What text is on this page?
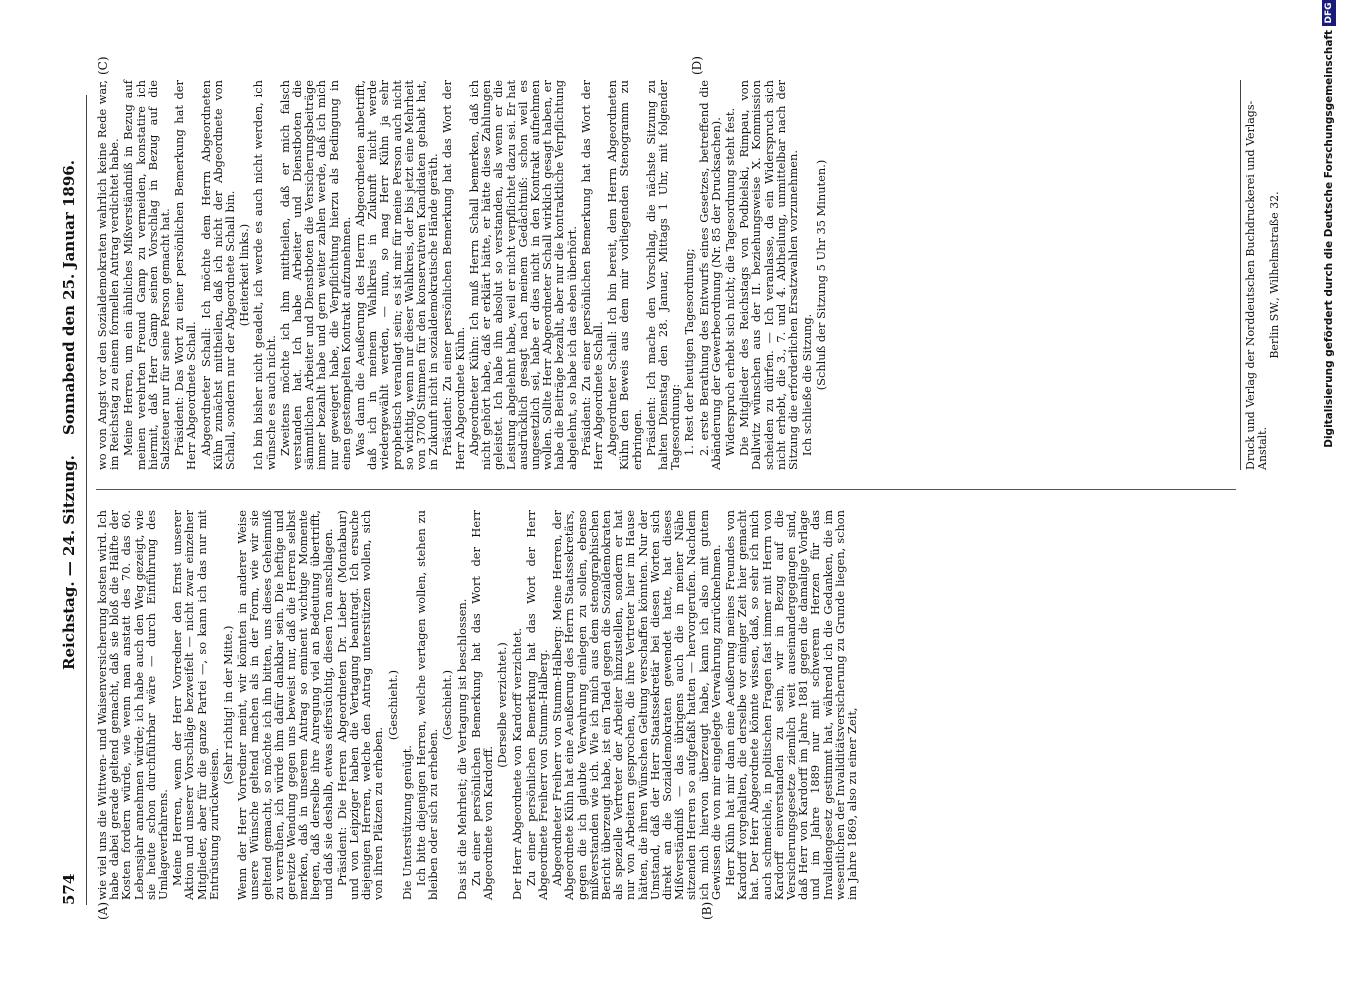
574
Reichstag. — 24. Sitzung.
Sonnabend den 25. Januar 1896.
(A)	(B)
(C)	(D)

wie viel uns die Wittwen- und Waisenversicherung kosten wird. Ich habe dabei gerade geltend gemacht, daß sie bloß die Hälfte der Kosten fordern würde, wie wenn man anstatt des 70. das 60. Lebensjahr annehmen würde; ich habe auch den Weg gezeigt, wie sie heute schon durchführbar wäre — durch Einführung des Umlageverfahrens. Meine Herren, wenn der Herr Vorredner den Ernst unserer Aktion und unserer Vorschläge bezweifelt — nicht zwar einzelner Mitglieder, aber für die ganze Partei —, so kann ich das nur mit Entrüstung zurückweisen.

(Sehr richtig! in der Mitte.) Wenn der Herr Vorredner meint, wir könnten in anderer Weise unsere Wünsche geltend machen als in der Form, wie wir sie geltend gemacht, so möchte ich ihn bitten, uns dieses Geheimniß zu verrathen, ich würde ihm dafür dankbar sein. Die heftige und gereizte Wendung gegen uns beweist nur, daß die Herren selbst merken, daß in unserem Antrag so eminent wichtige Momente liegen, daß derselbe ihre Anregung viel an Bedeutung übertrifft, und daß sie deshalb, etwas eifersüchtig, diesen Ton anschlagen. Präsident: Die Herren Abgeordneten Dr. Lieber (Montabaur) und von Leipziger haben die Vertagung beantragt. Ich ersuche diejenigen Herren, welche den Antrag unterstützen wollen, sich von ihren Plätzen zu erheben.

(Geschieht.)

Die Unterstützung genügt. Ich bitte diejenigen Herren, welche vertagen wollen, stehen zu bleiben oder sich zu erheben.

(Geschieht.) Das ist die Mehrheit; die Vertagung ist beschlossen. Zu einer persönlichen Bemerkung hat das Wort der Herr Abgeordnete von Kardorff.

(Derselbe verzichtet.) Der Herr Abgeordnete von Kardorff verzichtet. Zu einer persönlichen Bemerkung hat das Wort der Herr Abgeordnete Freiherr von Stumm-Halberg. Abgeordneter Freiherr von Stumm-Halberg: Meine Herren, der Abgeordnete Kühn hat eine Aeußerung des Herrn Staatssekretärs, gegen die ich glaubte Verwahrung einlegen zu sollen, ebenso mißverstanden wie ich. Wie ich mich aus dem stenographischen Bericht überzeugt habe, ist ein Tadel gegen die Sozialdemokraten als spezielle Vertreter der Arbeiter hinzustellen, sondern er hat nur von Arbeitern gesprochen, die ihre Vertreter hier im Hause hätten, die ihren Wünschen Geltung verschaffen könnten. Nur der Umstand, daß der Herr Staatssekretär bei diesen Worten sich direkt an die Sozialdemokraten gewendet hatte, hat dieses Mißverständniß — das übrigens auch die in meiner Nähe sitzenden Herren so aufgefaßt hatten — hervorgerufen. Nachdem ich mich hiervon überzeugt habe, kann ich also mit gutem Gewissen die von mir eingelegte Verwahrung zurücknehmen. Herr Kühn hat mir dann eine Aeußerung meines Freundes von Kardorff vorgehalten, die derselbe vor einiger Zeit hier gemacht hat. Der Herr Abgeordnete könnte wissen, daß, so sehr ich mich auch schmeichle, in politischen Fragen fast immer mit Herrn von Kardorff einverstanden zu sein, wir in Bezug auf die Versicherungsgesetze ziemlich weit auseinandergegangen sind, daß Herr von Kardorff im Jahre 1881 gegen die damalige Vorlage und im Jahre 1889 nur mit schwerem Herzen für das Invalidengesetz gestimmt hat, während ich die Gedanken, die im wesentlichen der Invaliditätsversicherung zu Grunde liegen, schon im Jahre 1869, also zu einer Zeit,

wo von Angst vor den Sozialdemokraten wahrlich keine Rede war, im Reichstag zu einem formellen Antrag verdichtet habe. Meine Herren, um ein ähnliches Mißverständniß in Bezug auf meinen verehrten Freund Gamp zu vermeiden, konstatire ich hiermit, daß Herr Gamp seinen Vorschlag in Bezug auf die Salzsteuer nur für seine Person gemacht hat. Präsident: Das Wort zu einer persönlichen Bemerkung hat der Herr Abgeordnete Schall. Abgeordneter Schall: Ich möchte dem Herrn Abgeordneten Kühn zunächst mittheilen, daß ich nicht der Abgeordnete von Schall, sondern nur der Abgeordnete Schall bin. (Heiterkeit links.) Ich bin bisher nicht geadelt, ich werde es auch nicht werden, ich wünsche es auch nicht. Zweitens möchte ich ihm mittheilen, daß er mich falsch verstanden hat. Ich habe Arbeiter und Dienstboten die sämmtlichen Arbeiter und Dienstboten die Versicherungsbeiträge immer bezahlt habe und gern weiter zahlen werde, daß ich mich nur geweigert habe, die Verpflichtung hierzu als Bedingung in einen gestempelten Kontrakt aufzunehmen. Was dann die Aeußerung des Herrn Abgeordneten anbetrifft, daß ich in meinem Wahlkreis in Zukunft nicht werde wiedergewählt werden, — nun, so mag Herr Kühn ja sehr prophetisch veranlagt sein; es ist mir für meine Person auch nicht so wichtig, wenn nur dieser Wahlkreis, der bis jetzt eine Mehrheit von 3700 Stimmen für den konservativen Kandidaten gehabt hat, in Zukunft nicht in sozialdemokratische Hände geräth. Präsident: Zu einer persönlichen Bemerkung hat das Wort der Herr Abgeordnete Kühn. Abgeordneter Kühn: Ich muß Herrn Schall bemerken, daß ich nicht gehört habe, daß er erklärt hätte, er hätte diese Zahlungen geleistet. Ich habe ihn absolut so verstanden, als wenn er die Leistung abgelehnt habe, weil er nicht verpflichtet dazu sei. Er hat ausdrücklich gesagt nach meinem Gedächtniß: schon weil es ungesetzlich sei, habe er dies nicht in den Kontrakt aufnehmen wollen. Sollte Herr Abgeordneter Schall wirklich gesagt haben, er habe die Beiträge bezahlt, aber nur die kontraktliche Verpflichtung abgelehnt, so habe ich das eben überhört. Präsident: Zu einer persönlichen Bemerkung hat das Wort der Herr Abgeordnete Schall. Abgeordneter Schall: Ich bin bereit, dem Herrn Abgeordneten Kühn den Beweis aus dem mir vorliegenden Stenogramm zu erbringen. Präsident: Ich mache den Vorschlag, die nächste Sitzung zu halten Dienstag den 28. Januar, Mittags 1 Uhr, mit folgender Tagesordnung: 1. Rest der heutigen Tagesordnung; 2. erste Berathung des Entwurfs eines Gesetzes, betreffend die Abänderung der Gewerbeordnung (Nr. 85 der Drucksachen). Widerspruch erhebt sich nicht; die Tagesordnung steht fest. Die Mitglieder des Reichstags von Podbielski, Rimpau, von Dallwitz wünschen aus der II. beziehungsweise X. Kommission scheiden zu dürfen. — Ich veranlasse, da ein Widerspruch sich nicht erhebt, die 3., 7. und 4. Abtheilung, unmittelbar nach der Sitzung die erforderlichen Ersatzwahlen vorzunehmen. Ich schließe die Sitzung. (Schluß der Sitzung 5 Uhr 35 Minuten.)	Druck und Verlag der Norddeutschen Buchdruckerei und Verlags-Anstalt.
Berlin SW., Wilhelmstraße 32.	Digitalisierung gefördert durch die Deutsche Forschungsgemeinschaft
DFG
